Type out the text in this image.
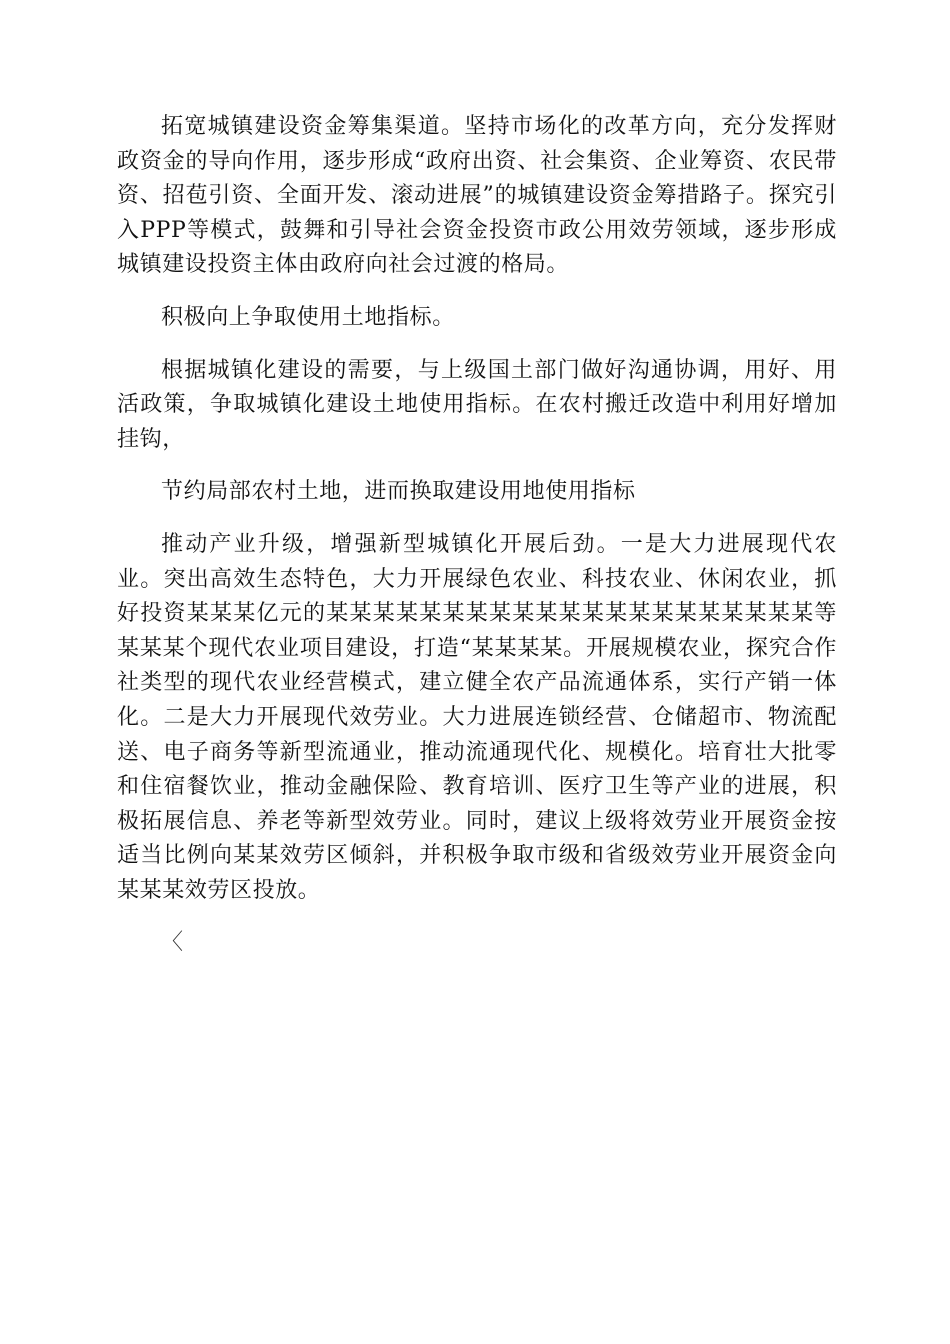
拓宽城镇建设资金筹集渠道。坚持市场化的改革方向，充分发挥财政资金的导向作用，逐步形成“政府出资、社会集资、企业筹资、农民带资、招苞引资、全面开发、滚动进展”的城镇建设资金筹措路子。探究引入PPP等模式，鼓舞和引导社会资金投资市政公用效劳领域，逐步形成城镇建设投资主体由政府向社会过渡的格局。

积极向上争取使用土地指标。

根据城镇化建设的需要，与上级国土部门做好沟通协调，用好、用活政策，争取城镇化建设土地使用指标。在农村搬迁改造中利用好增加挂钩，

节约局部农村土地，进而换取建设用地使用指标

推动产业升级，增强新型城镇化开展后劲。一是大力进展现代农业。突出高效生态特色，大力开展绿色农业、科技农业、休闲农业，抓好投资某某某亿元的某某某某某某某某某某某某某某某某某某某某某等某某某个现代农业项目建设，打造“某某某某。开展规模农业，探究合作社类型的现代农业经营模式，建立健全农产品流通体系，实行产销一体化。二是大力开展现代效劳业。大力进展连锁经营、仓储超市、物流配送、电子商务等新型流通业，推动流通现代化、规模化。培育壮大批零和住宿餐饮业，推动金融保险、教育培训、医疗卫生等产业的进展，积极拓展信息、养老等新型效劳业。同时，建议上级将效劳业开展资金按适当比例向某某效劳区倾斜，并积极争取市级和省级效劳业开展资金向某某某效劳区投放。

〈
